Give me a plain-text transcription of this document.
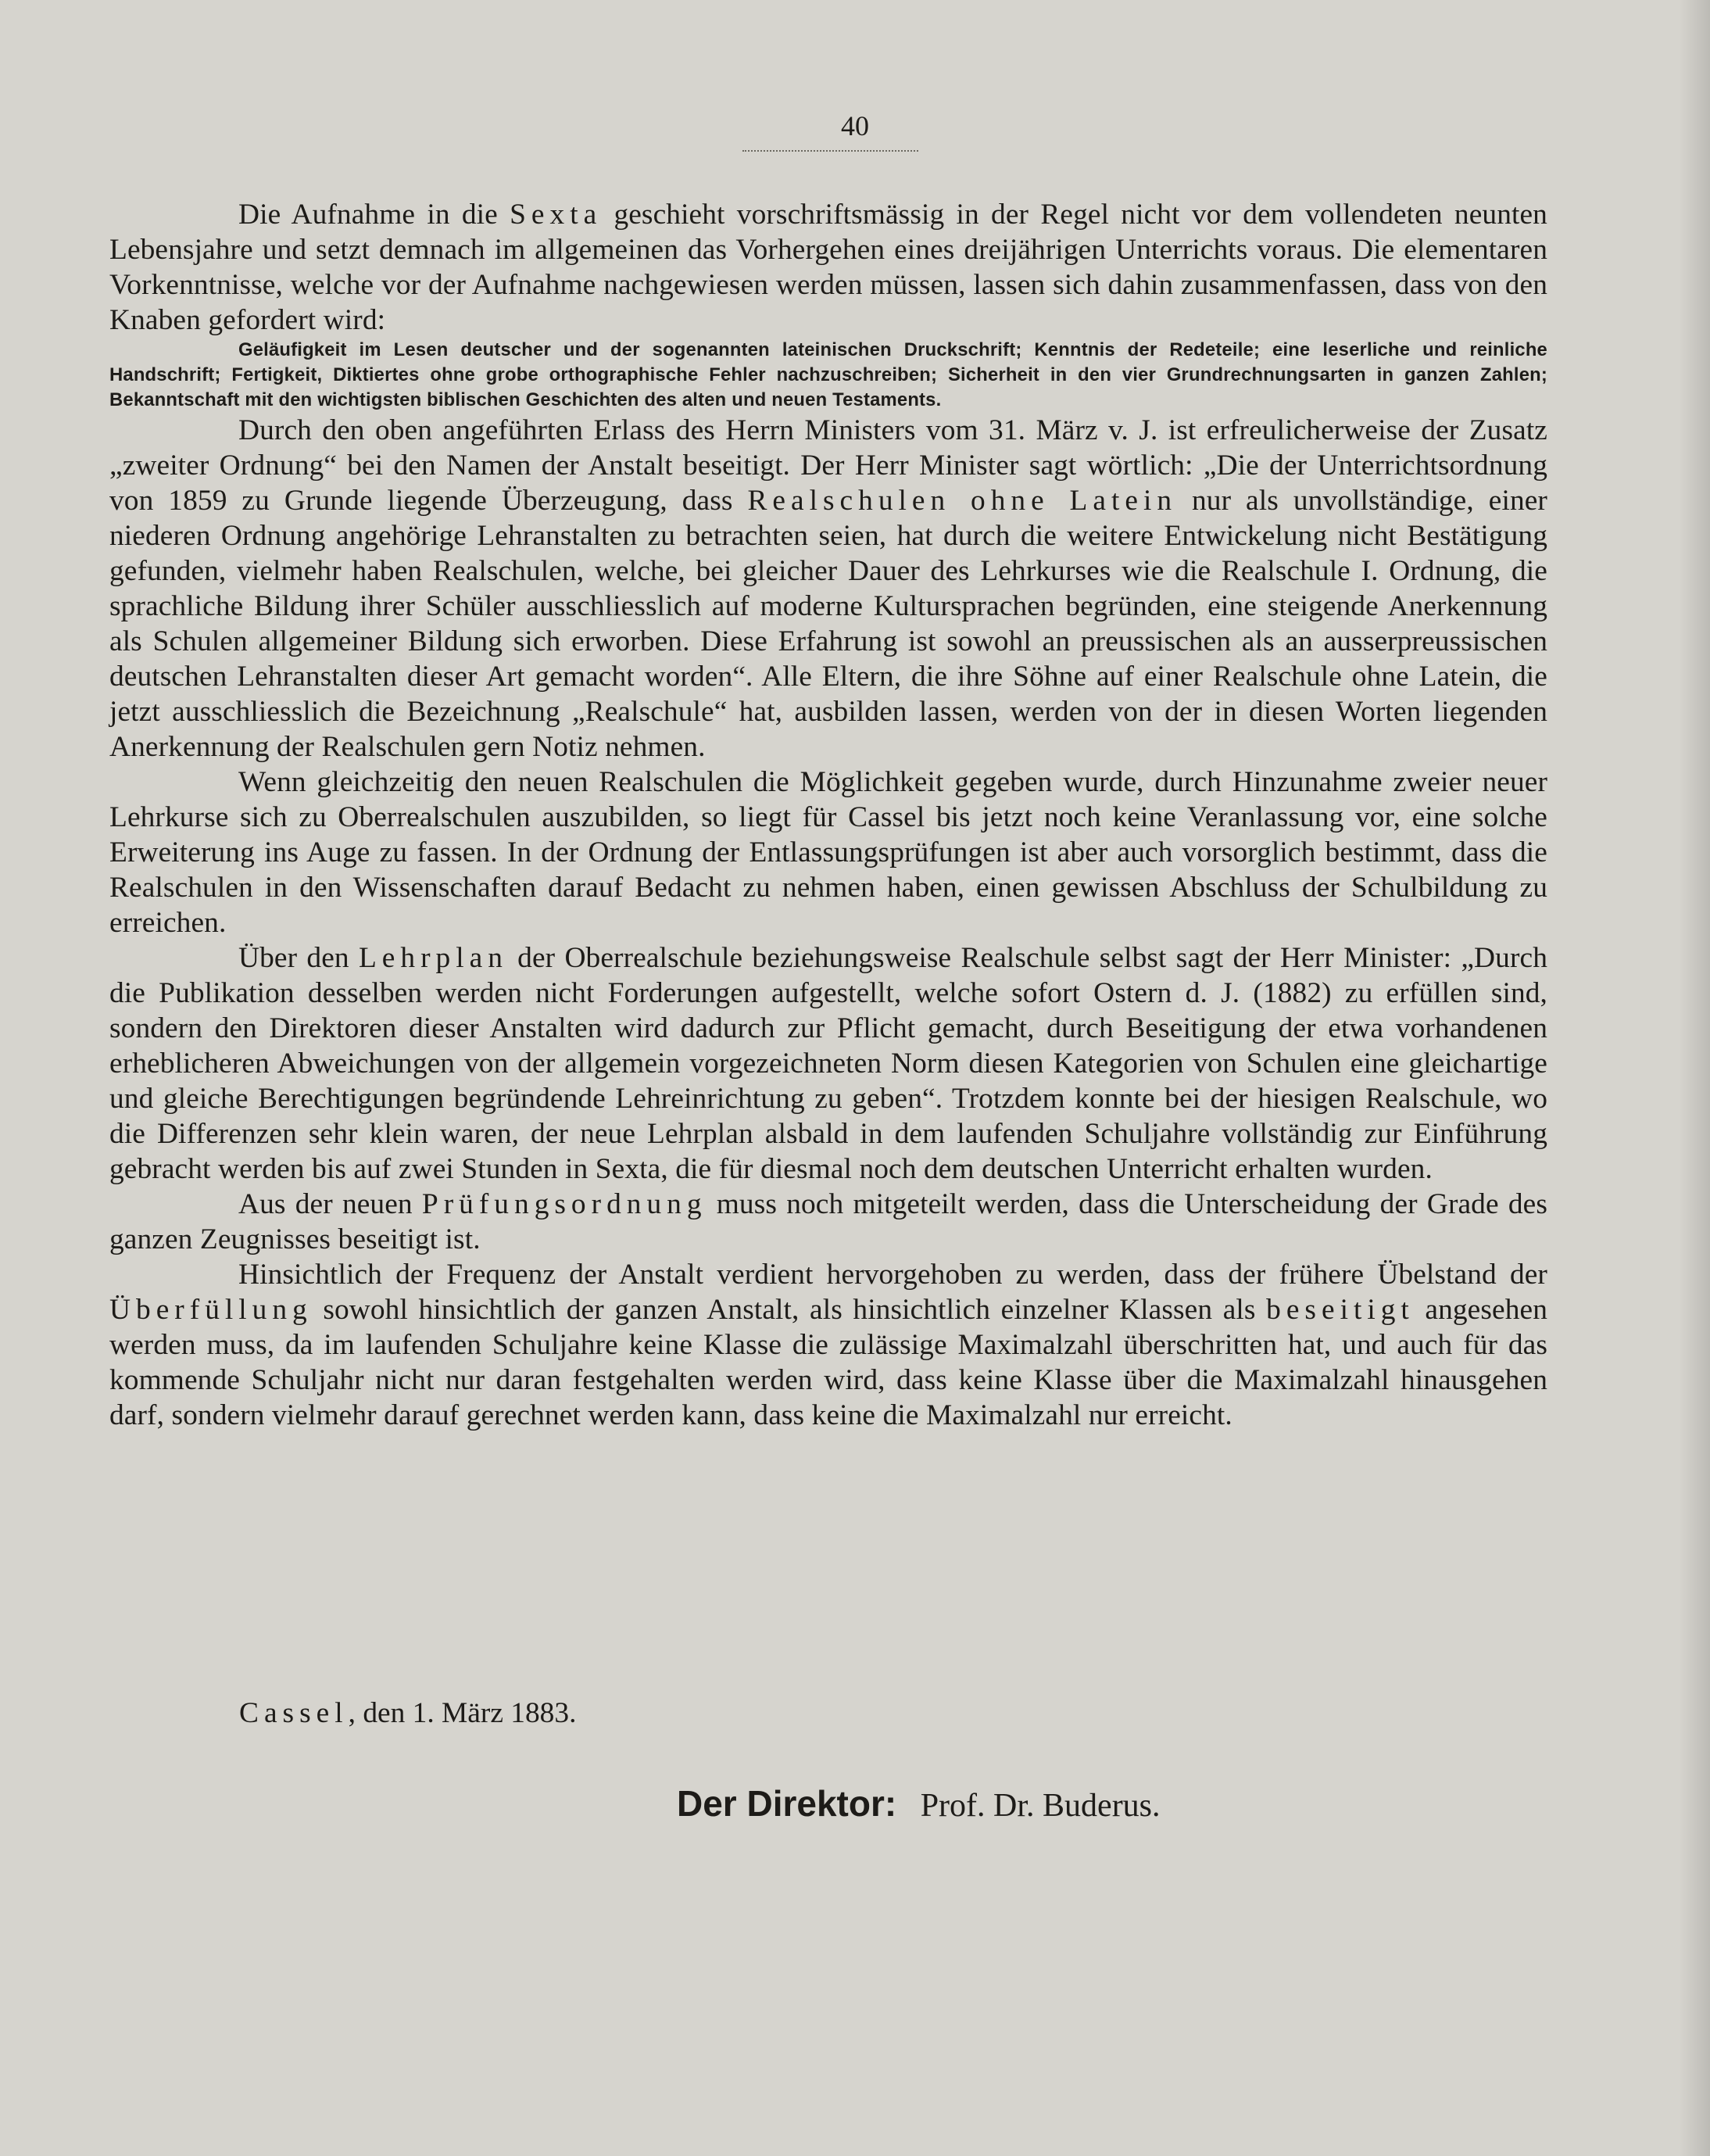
40

Die Aufnahme in die Sexta geschieht vorschriftsmässig in der Regel nicht vor dem vollendeten neunten Lebensjahre und setzt demnach im allgemeinen das Vorhergehen eines dreijährigen Unterrichts voraus. Die elementaren Vorkenntnisse, welche vor der Aufnahme nachgewiesen werden müssen, lassen sich dahin zusammenfassen, dass von den Knaben gefordert wird:

Geläufigkeit im Lesen deutscher und der sogenannten lateinischen Druckschrift; Kenntnis der Redeteile; eine leserliche und reinliche Handschrift; Fertigkeit, Diktiertes ohne grobe orthographische Fehler nachzuschreiben; Sicherheit in den vier Grundrechnungsarten in ganzen Zahlen; Bekanntschaft mit den wichtigsten biblischen Geschichten des alten und neuen Testaments.

Durch den oben angeführten Erlass des Herrn Ministers vom 31. März v. J. ist erfreulicherweise der Zusatz „zweiter Ordnung“ bei den Namen der Anstalt beseitigt. Der Herr Minister sagt wörtlich: „Die der Unterrichtsordnung von 1859 zu Grunde liegende Überzeugung, dass Realschulen ohne Latein nur als unvollständige, einer niederen Ordnung angehörige Lehranstalten zu betrachten seien, hat durch die weitere Entwickelung nicht Bestätigung gefunden, vielmehr haben Realschulen, welche, bei gleicher Dauer des Lehrkurses wie die Realschule I. Ordnung, die sprachliche Bildung ihrer Schüler ausschliesslich auf moderne Kultursprachen begründen, eine steigende Anerkennung als Schulen allgemeiner Bildung sich erworben. Diese Erfahrung ist sowohl an preussischen als an ausserpreussischen deutschen Lehranstalten dieser Art gemacht worden“. Alle Eltern, die ihre Söhne auf einer Realschule ohne Latein, die jetzt ausschliesslich die Bezeichnung „Realschule“ hat, ausbilden lassen, werden von der in diesen Worten liegenden Anerkennung der Realschulen gern Notiz nehmen.

Wenn gleichzeitig den neuen Realschulen die Möglichkeit gegeben wurde, durch Hinzunahme zweier neuer Lehrkurse sich zu Oberrealschulen auszubilden, so liegt für Cassel bis jetzt noch keine Veranlassung vor, eine solche Erweiterung ins Auge zu fassen. In der Ordnung der Entlassungsprüfungen ist aber auch vorsorglich bestimmt, dass die Realschulen in den Wissenschaften darauf Bedacht zu nehmen haben, einen gewissen Abschluss der Schulbildung zu erreichen.

Über den Lehrplan der Oberrealschule beziehungsweise Realschule selbst sagt der Herr Minister: „Durch die Publikation desselben werden nicht Forderungen aufgestellt, welche sofort Ostern d. J. (1882) zu erfüllen sind, sondern den Direktoren dieser Anstalten wird dadurch zur Pflicht gemacht, durch Beseitigung der etwa vorhandenen erheblicheren Abweichungen von der allgemein vorgezeichneten Norm diesen Kategorien von Schulen eine gleichartige und gleiche Berechtigungen begründende Lehreinrichtung zu geben“. Trotzdem konnte bei der hiesigen Realschule, wo die Differenzen sehr klein waren, der neue Lehrplan alsbald in dem laufenden Schuljahre vollständig zur Einführung gebracht werden bis auf zwei Stunden in Sexta, die für diesmal noch dem deutschen Unterricht erhalten wurden.

Aus der neuen Prüfungsordnung muss noch mitgeteilt werden, dass die Unterscheidung der Grade des ganzen Zeugnisses beseitigt ist.

Hinsichtlich der Frequenz der Anstalt verdient hervorgehoben zu werden, dass der frühere Übelstand der Überfüllung sowohl hinsichtlich der ganzen Anstalt, als hinsichtlich einzelner Klassen als beseitigt angesehen werden muss, da im laufenden Schuljahre keine Klasse die zulässige Maximalzahl überschritten hat, und auch für das kommende Schuljahr nicht nur daran festgehalten werden wird, dass keine Klasse über die Maximalzahl hinausgehen darf, sondern vielmehr darauf gerechnet werden kann, dass keine die Maximalzahl nur erreicht.

Cassel, den 1. März 1883.
Der Direktor: Prof. Dr. Buderus.
